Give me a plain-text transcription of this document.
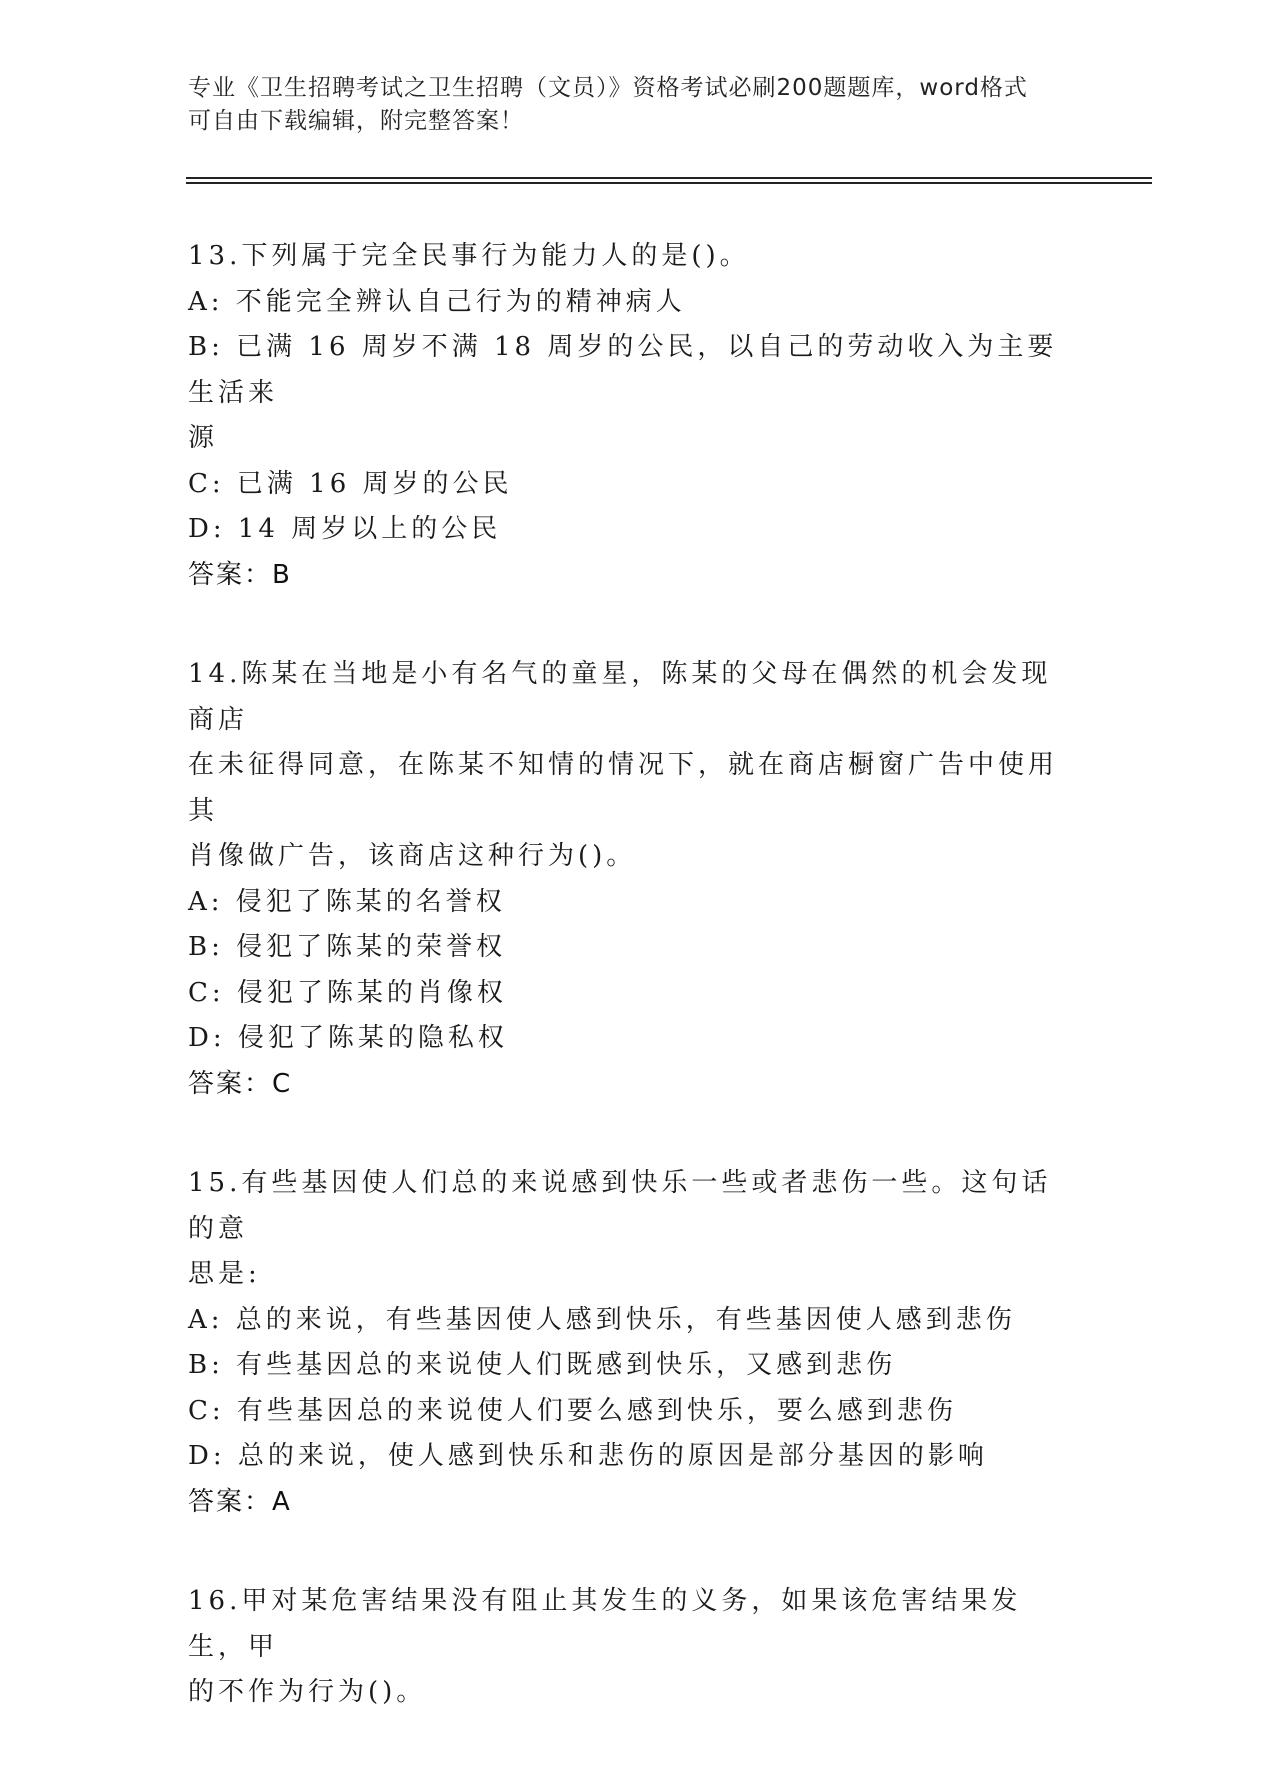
专业《卫生招聘考试之卫生招聘（文员）》资格考试必刷200题题库，word格式
可自由下载编辑，附完整答案！
13.下列属于完全民事行为能力人的是()。
A: 不能完全辨认自己行为的精神病人
B: 已满 16 周岁不满 18 周岁的公民，以自己的劳动收入为主要生活来
源
C: 已满 16 周岁的公民
D: 14 周岁以上的公民
答案：B
14.陈某在当地是小有名气的童星，陈某的父母在偶然的机会发现商店
在未征得同意，在陈某不知情的情况下，就在商店橱窗广告中使用其
肖像做广告，该商店这种行为()。
A: 侵犯了陈某的名誉权
B: 侵犯了陈某的荣誉权
C: 侵犯了陈某的肖像权
D: 侵犯了陈某的隐私权
答案：C
15.有些基因使人们总的来说感到快乐一些或者悲伤一些。这句话的意
思是:
A: 总的来说，有些基因使人感到快乐，有些基因使人感到悲伤
B: 有些基因总的来说使人们既感到快乐，又感到悲伤
C: 有些基因总的来说使人们要么感到快乐，要么感到悲伤
D: 总的来说，使人感到快乐和悲伤的原因是部分基因的影响
答案：A
16.甲对某危害结果没有阻止其发生的义务，如果该危害结果发生，甲
的不作为行为()。
